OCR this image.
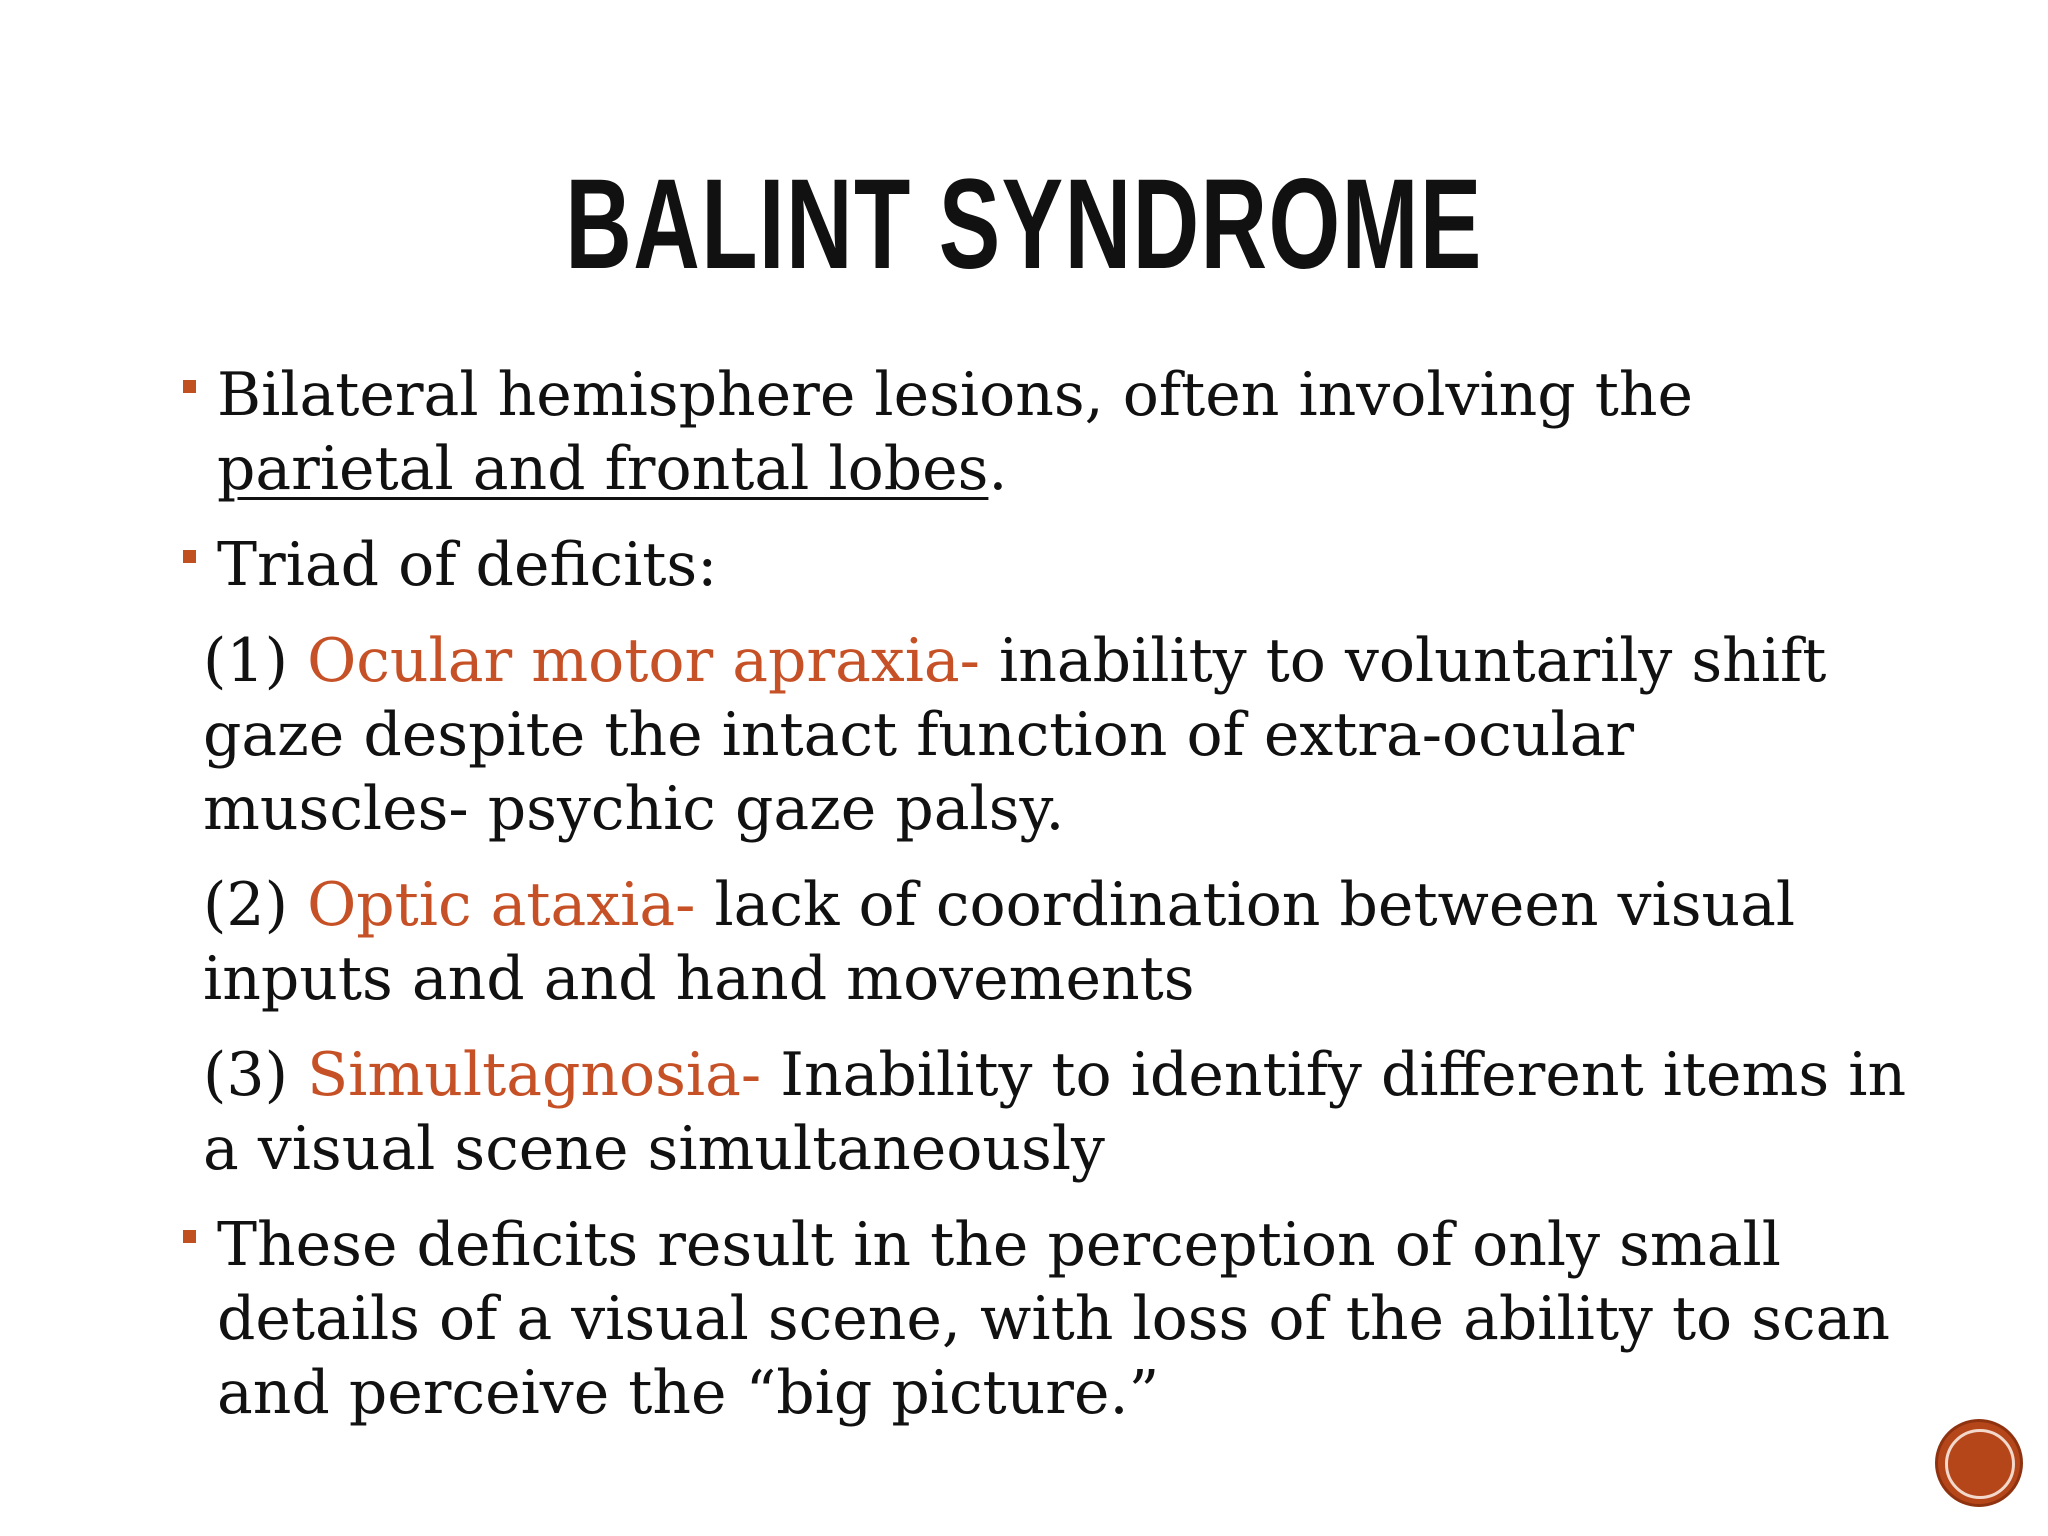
BALINT SYNDROME
Bilateral hemisphere lesions, often involving the parietal and frontal lobes.
Triad of deficits:
(1) Ocular motor apraxia- inability to voluntarily shift gaze despite the intact function of extra-ocular muscles- psychic gaze palsy.
(2) Optic ataxia- lack of coordination between visual inputs and and hand movements
(3) Simultagnosia- Inability to identify different items in a visual scene simultaneously
These deficits result in the perception of only small details of a visual scene, with loss of the ability to scan and perceive the “big picture.”
